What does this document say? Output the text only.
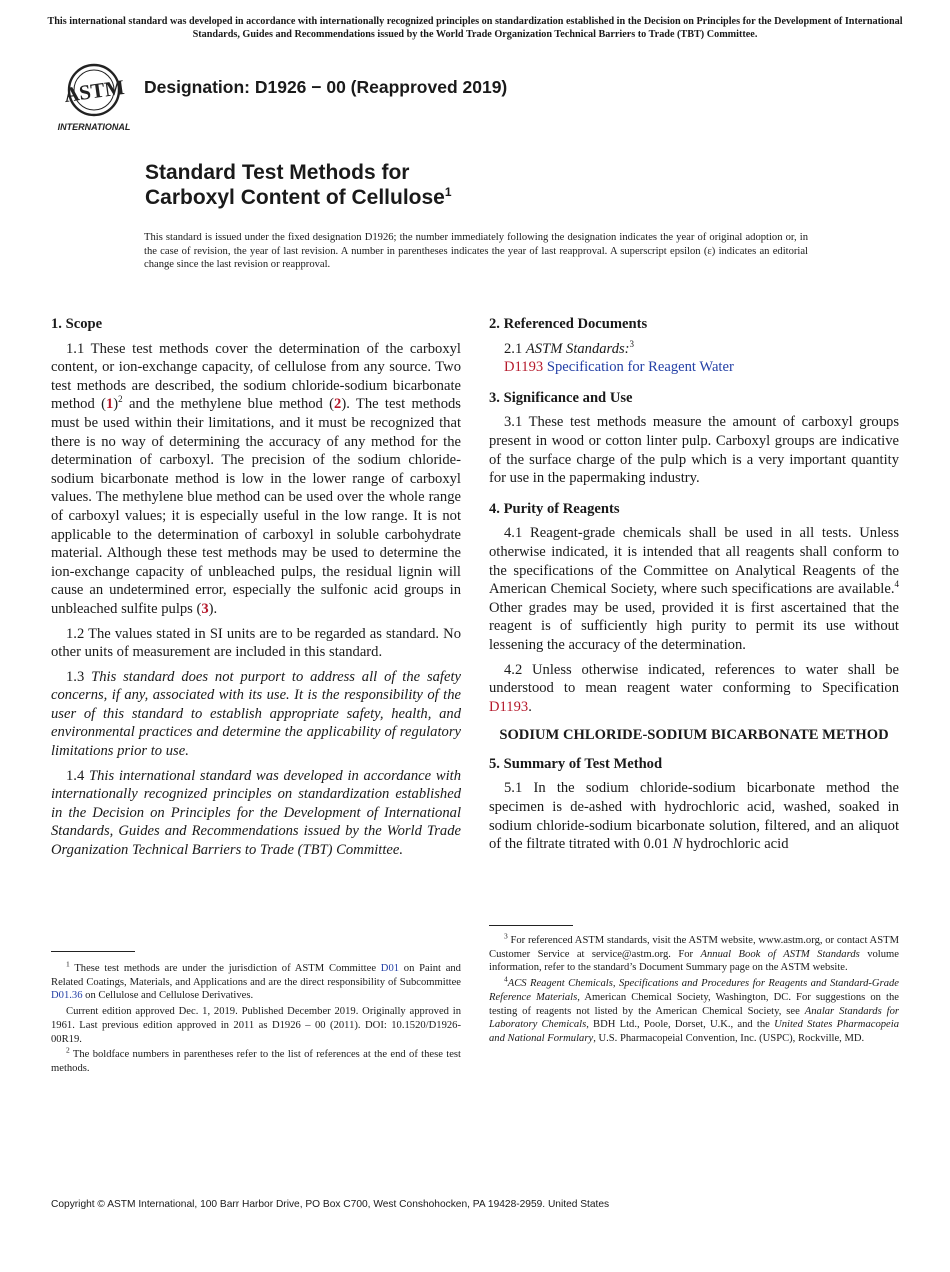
This international standard was developed in accordance with internationally recognized principles on standardization established in the Decision on Principles for the Development of International Standards, Guides and Recommendations issued by the World Trade Organization Technical Barriers to Trade (TBT) Committee.
ASTM
INTERNATIONAL
Designation: D1926 − 00 (Reapproved 2019)
Standard Test Methods for
Carboxyl Content of Cellulose$^1$
This standard is issued under the fixed designation D1926; the number immediately following the designation indicates the year of original adoption or, in the case of revision, the year of last revision. A number in parentheses indicates the year of last reapproval. A superscript epsilon (ε) indicates an editorial change since the last revision or reapproval.
1. Scope

1.1 These test methods cover the determination of the carboxyl content, or ion-exchange capacity, of cellulose from any source. Two test methods are described, the sodium chloride-sodium bicarbonate method $(1)^2$ and the methylene blue method (2). The test methods must be used within their limitations, and it must be recognized that there is no way of determining the accuracy of any method for the determination of carboxyl. The precision of the sodium chloride-sodium bicarbonate method is low in the lower range of carboxyl values. The methylene blue method can be used over the whole range of carboxyl values; it is especially useful in the low range. It is not applicable to the determination of carboxyl in soluble carbohydrate material. Although these test methods may be used to determine the ion-exchange capacity of unbleached pulps, the residual lignin will cause an undetermined error, especially the sulfonic acid groups in unbleached sulfite pulps (3).

1.2 The values stated in SI units are to be regarded as standard. No other units of measurement are included in this standard.

1.3 This standard does not purport to address all of the safety concerns, if any, associated with its use. It is the responsibility of the user of this standard to establish appropriate safety, health, and environmental practices and determine the applicability of regulatory limitations prior to use.

1.4 This international standard was developed in accordance with internationally recognized principles on standardization established in the Decision on Principles for the Development of International Standards, Guides and Recommendations issued by the World Trade Organization Technical Barriers to Trade (TBT) Committee.

$^1$ These test methods are under the jurisdiction of ASTM Committee D01 on Paint and Related Coatings, Materials, and Applications and are the direct responsibility of Subcommittee D01.36 on Cellulose and Cellulose Derivatives.

Current edition approved Dec. 1, 2019. Published December 2019. Originally approved in 1961. Last previous edition approved in 2011 as D1926 – 00 (2011). DOI: 10.1520/D1926-00R19.

$^2$ The boldface numbers in parentheses refer to the list of references at the end of these test methods.

2. Referenced Documents

2.1 ASTM Standards:$^3$

D1193 Specification for Reagent Water

3. Significance and Use

3.1 These test methods measure the amount of carboxyl groups present in wood or cotton linter pulp. Carboxyl groups are indicative of the surface charge of the pulp which is a very important quantity for use in the papermaking industry.

4. Purity of Reagents

4.1 Reagent-grade chemicals shall be used in all tests. Unless otherwise indicated, it is intended that all reagents shall conform to the specifications of the Committee on Analytical Reagents of the American Chemical Society, where such specifications are available.$^4$ Other grades may be used, provided it is first ascertained that the reagent is of sufficiently high purity to permit its use without lessening the accuracy of the determination.

4.2 Unless otherwise indicated, references to water shall be understood to mean reagent water conforming to Specification D1193.

SODIUM CHLORIDE-SODIUM BICARBONATE METHOD
5. Summary of Test Method

5.1 In the sodium chloride-sodium bicarbonate method the specimen is de-ashed with hydrochloric acid, washed, soaked in sodium chloride-sodium bicarbonate solution, filtered, and an aliquot of the filtrate titrated with 0.01 N hydrochloric acid

$^3$ For referenced ASTM standards, visit the ASTM website, www.astm.org, or contact ASTM Customer Service at service@astm.org. For Annual Book of ASTM Standards volume information, refer to the standard’s Document Summary page on the ASTM website.

$^4$ACS Reagent Chemicals, Specifications and Procedures for Reagents and Standard-Grade Reference Materials, American Chemical Society, Washington, DC. For suggestions on the testing of reagents not listed by the American Chemical Society, see Analar Standards for Laboratory Chemicals, BDH Ltd., Poole, Dorset, U.K., and the United States Pharmacopeia and National Formulary, U.S. Pharmacopeial Convention, Inc. (USPC), Rockville, MD.

Copyright © ASTM International, 100 Barr Harbor Drive, PO Box C700, West Conshohocken, PA 19428-2959. United States
